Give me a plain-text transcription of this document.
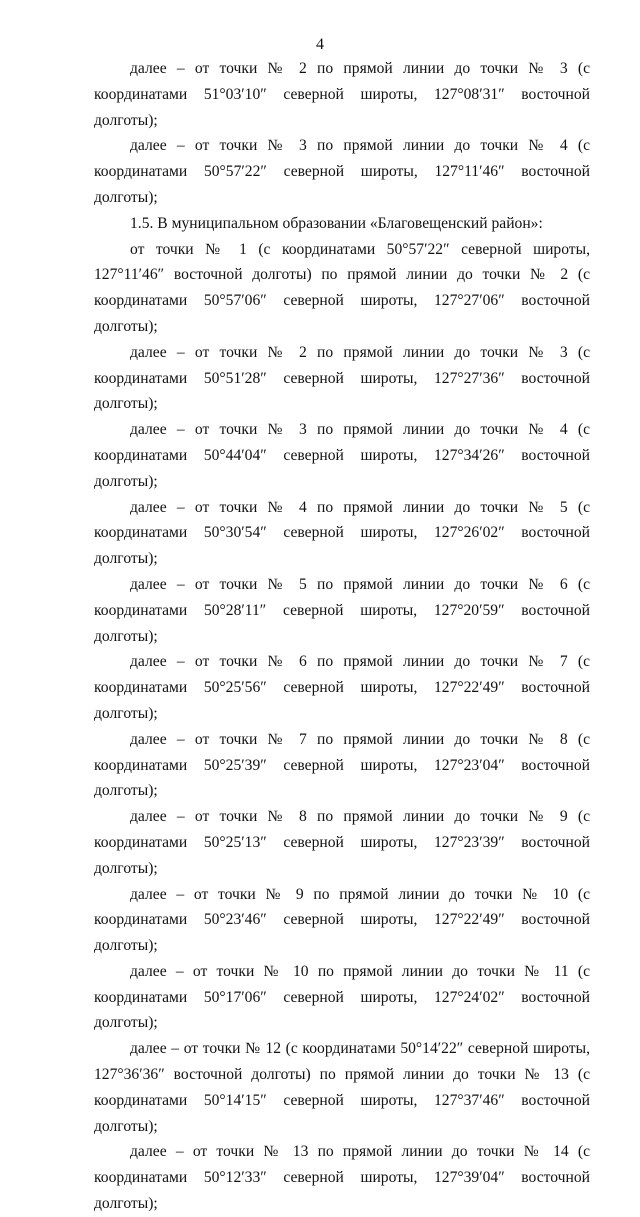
4

далее – от точки № 2 по прямой линии до точки № 3 (с координатами 51°03′10″ северной широты, 127°08′31″ восточной долготы);

далее – от точки № 3 по прямой линии до точки № 4 (с координатами 50°57′22″ северной широты, 127°11′46″ восточной долготы);

1.5. В муниципальном образовании «Благовещенский район»:

от точки № 1 (с координатами 50°57′22″ северной широты, 127°11′46″ восточной долготы) по прямой линии до точки № 2 (с координатами 50°57′06″ северной широты, 127°27′06″ восточной долготы);

далее – от точки № 2 по прямой линии до точки № 3 (с координатами 50°51′28″ северной широты, 127°27′36″ восточной долготы);

далее – от точки № 3 по прямой линии до точки № 4 (с координатами 50°44′04″ северной широты, 127°34′26″ восточной долготы);

далее – от точки № 4 по прямой линии до точки № 5 (с координатами 50°30′54″ северной широты, 127°26′02″ восточной долготы);

далее – от точки № 5 по прямой линии до точки № 6 (с координатами 50°28′11″ северной широты, 127°20′59″ восточной долготы);

далее – от точки № 6 по прямой линии до точки № 7 (с координатами 50°25′56″ северной широты, 127°22′49″ восточной долготы);

далее – от точки № 7 по прямой линии до точки № 8 (с координатами 50°25′39″ северной широты, 127°23′04″ восточной долготы);

далее – от точки № 8 по прямой линии до точки № 9 (с координатами 50°25′13″ северной широты, 127°23′39″ восточной долготы);

далее – от точки № 9 по прямой линии до точки № 10 (с координатами 50°23′46″ северной широты, 127°22′49″ восточной долготы);

далее – от точки № 10 по прямой линии до точки № 11 (с координатами 50°17′06″ северной широты, 127°24′02″ восточной долготы);

далее – от точки № 12 (с координатами 50°14′22″ северной широты, 127°36′36″ восточной долготы) по прямой линии до точки № 13 (с координатами 50°14′15″ северной широты, 127°37′46″ восточной долготы);

далее – от точки № 13 по прямой линии до точки № 14 (с координатами 50°12′33″ северной широты, 127°39′04″ восточной долготы);
